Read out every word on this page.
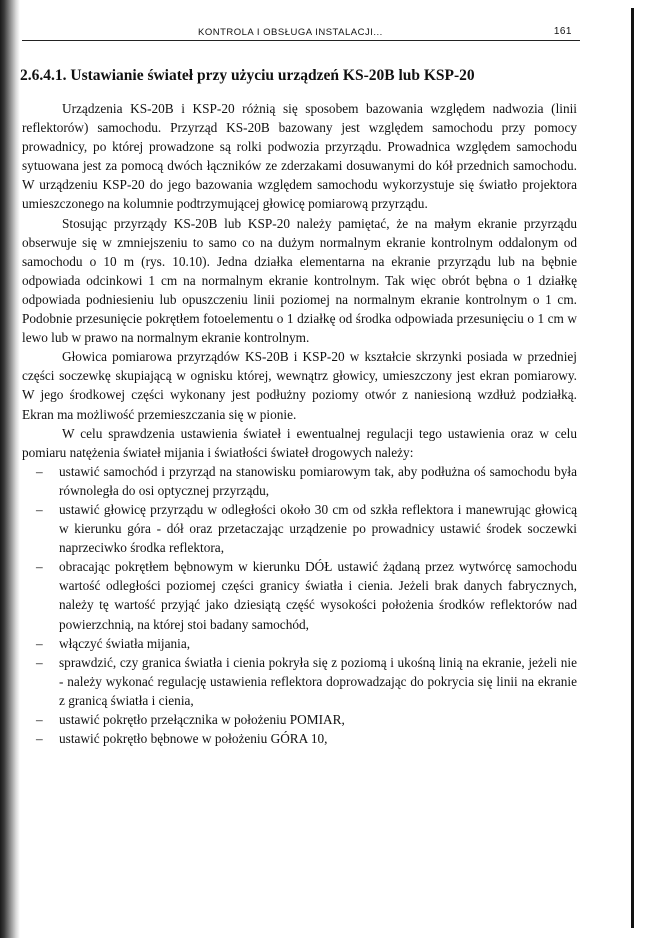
KONTROLA I OBSŁUGA INSTALACJI...	161
2.6.4.1. Ustawianie świateł przy użyciu urządzeń KS-20B lub KSP-20

Urządzenia KS-20B i KSP-20 różnią się sposobem bazowania względem nadwozia (linii reflektorów) samochodu. Przyrząd KS-20B bazowany jest względem samochodu przy pomocy prowadnicy, po której prowadzone są rolki podwozia przyrządu. Prowadnica względem samochodu sytuowana jest za pomocą dwóch łączników ze zderzakami dosuwanymi do kół przednich samochodu. W urządzeniu KSP-20 do jego bazowania względem samochodu wykorzystuje się światło projektora umieszczonego na kolumnie podtrzymującej głowicę pomiarową przyrządu.

Stosując przyrządy KS-20B lub KSP-20 należy pamiętać, że na małym ekranie przyrządu obserwuje się w zmniejszeniu to samo co na dużym normalnym ekranie kontrolnym oddalonym od samochodu o 10 m (rys. 10.10). Jedna działka elementarna na ekranie przyrządu lub na bębnie odpowiada odcinkowi 1 cm na normalnym ekranie kontrolnym. Tak więc obrót bębna o 1 działkę odpowiada podniesieniu lub opuszczeniu linii poziomej na normalnym ekranie kontrolnym o 1 cm. Podobnie przesunięcie pokrętłem fotoelementu o 1 działkę od środka odpowiada przesunięciu o 1 cm w lewo lub w prawo na normalnym ekranie kontrolnym.

Głowica pomiarowa przyrządów KS-20B i KSP-20 w kształcie skrzynki posiada w przedniej części soczewkę skupiającą w ognisku której, wewnątrz głowicy, umieszczony jest ekran pomiarowy. W jego środkowej części wykonany jest podłużny poziomy otwór z naniesioną wzdłuż podziałką. Ekran ma możliwość przemieszczania się w pionie.

W celu sprawdzenia ustawienia świateł i ewentualnej regulacji tego ustawienia oraz w celu pomiaru natężenia świateł mijania i światłości świateł drogowych należy:

– ustawić samochód i przyrząd na stanowisku pomiarowym tak, aby podłużna oś samochodu była równoległa do osi optycznej przyrządu,
– ustawić głowicę przyrządu w odległości około 30 cm od szkła reflektora i manewrując głowicą w kierunku góra - dół oraz przetaczając urządzenie po prowadnicy ustawić środek soczewki naprzeciwko środka reflektora,
– obracając pokrętłem bębnowym w kierunku DÓŁ ustawić żądaną przez wytwórcę samochodu wartość odległości poziomej części granicy światła i cienia. Jeżeli brak danych fabrycznych, należy tę wartość przyjąć jako dziesiątą część wysokości położenia środków reflektorów nad powierzchnią, na której stoi badany samochód,
– włączyć światła mijania,
– sprawdzić, czy granica światła i cienia pokryła się z poziomą i ukośną linią na ekranie, jeżeli nie - należy wykonać regulację ustawienia reflektora doprowadzając do pokrycia się linii na ekranie z granicą światła i cienia,
– ustawić pokrętło przełącznika w położeniu POMIAR,
– ustawić pokrętło bębnowe w położeniu GÓRA 10,
